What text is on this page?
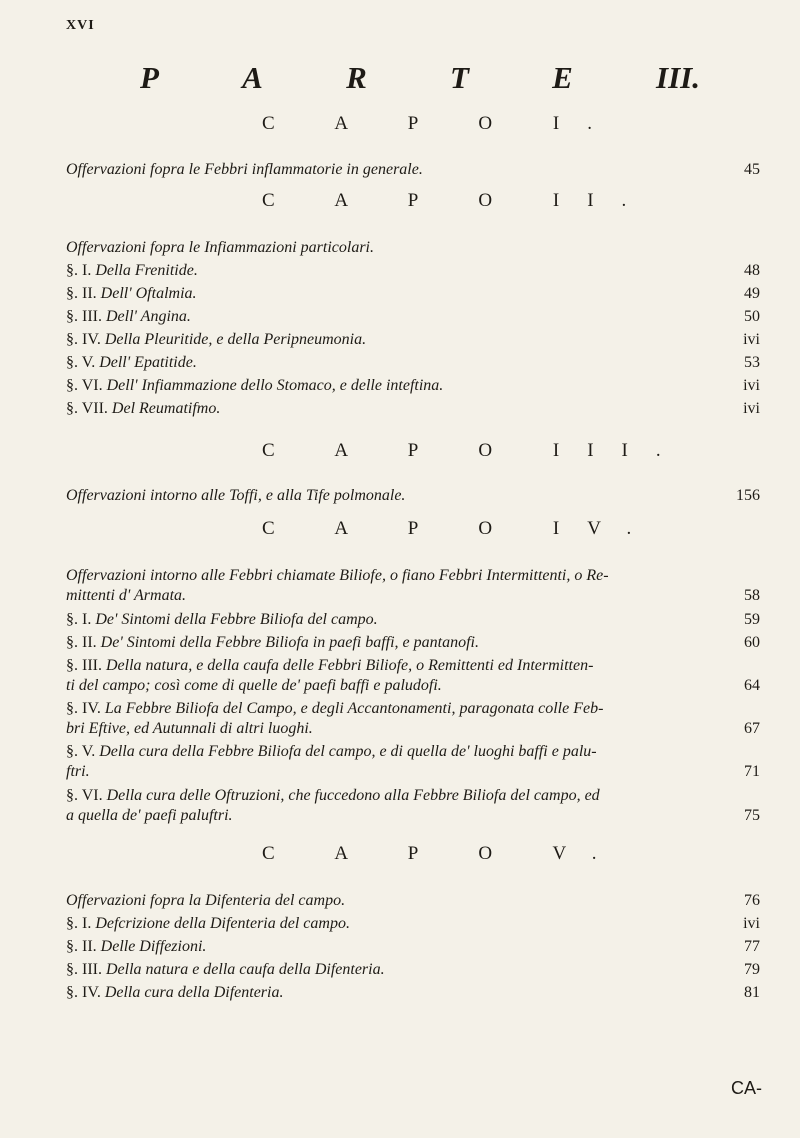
XVI
P	A	R	T	E	III.
C A P O I.
Offervazioni fopra le Febbri inflammatorie in generale.	45
C A P O II.
Offervazioni fopra le Infiammazioni particolari.
§. I. Della Frenitide.	48
§. II. Dell' Oftalmia.	49
§. III. Dell' Angina.	50
§. IV. Della Pleuritide, e della Peripneumonia.	ivi
§. V. Dell' Epatitide.	53
§. VI. Dell' Infiammazione dello Stomaco, e delle inteftina.	ivi
§. VII. Del Reumatifmo.	ivi
C A P O III.
Offervazioni intorno alle Toffi, e alla Tife polmonale.	156
C A P O IV.
Offervazioni intorno alle Febbri chiamate Biliofe, o fiano Febbri Intermittenti, o Re-
mittenti d' Armata.	58
§. I. De' Sintomi della Febbre Biliofa del campo.	59
§. II. De' Sintomi della Febbre Biliofa in paefi baffi, e pantanofi.	60
§. III. Della natura, e della caufa delle Febbri Biliofe, o Remittenti ed Intermitten-
ti del campo; così come di quelle de' paefi baffi e paludofi.	64
§. IV. La Febbre Biliofa del Campo, e degli Accantonamenti, paragonata colle Feb-
bri Eftive, ed Autunnali di altri luoghi.	67
§. V. Della cura della Febbre Biliofa del campo, e di quella de' luoghi baffi e palu-
ftri.	71
§. VI. Della cura delle Oftruzioni, che fuccedono alla Febbre Biliofa del campo, ed
a quella de' paefi paluftri.	75
C A P O V.
Offervazioni fopra la Difenteria del campo.	76
§. I. Defcrizione della Difenteria del campo.	ivi
§. II. Delle Diffezioni.	77
§. III. Della natura e della caufa della Difenteria.	79
§. IV. Della cura della Difenteria.	81
CA-
